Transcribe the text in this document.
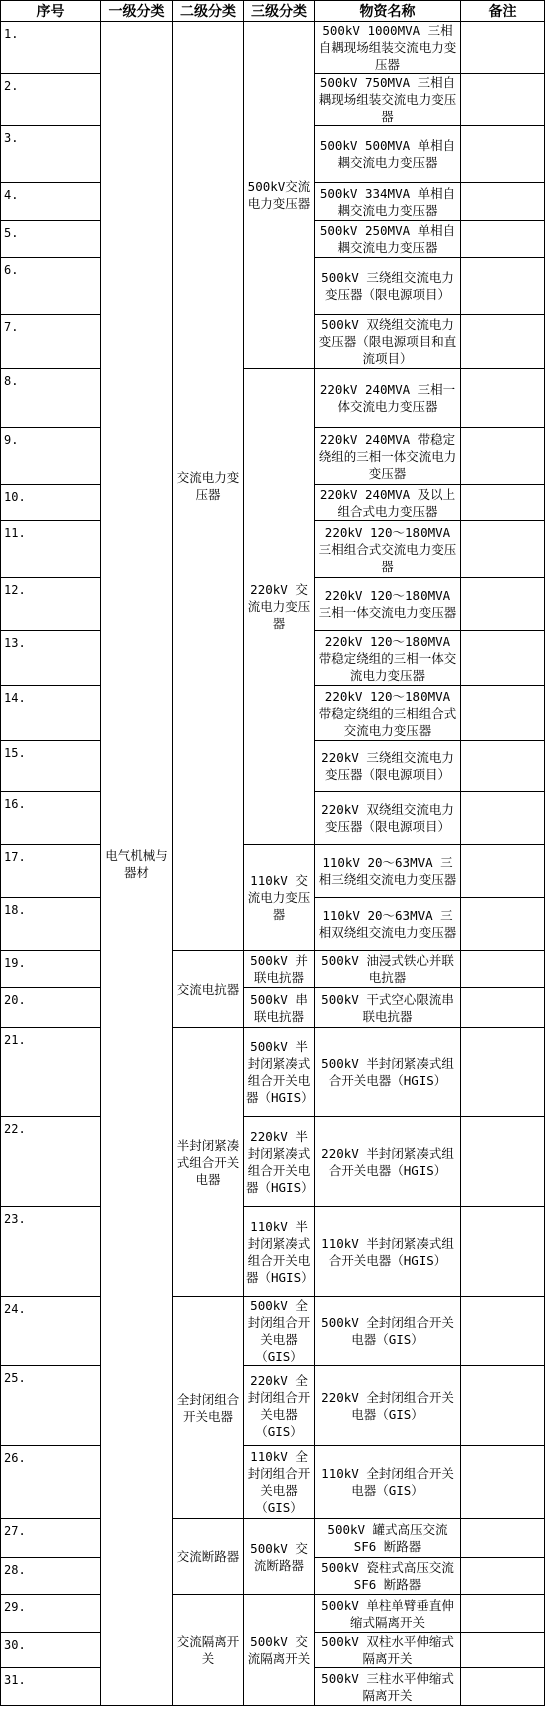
序号	一级分类	二级分类	三级分类	物资名称	备注
1.	电气机械与器材	交流电力变压器	500kV交流电力变压器	500kV 1000MVA 三相自耦现场组装交流电力变压器	
2.				500kV 750MVA 三相自耦现场组装交流电力变压器	
3.				500kV 500MVA 单相自耦交流电力变压器	
4.				500kV 334MVA 单相自耦交流电力变压器	
5.				500kV 250MVA 单相自耦交流电力变压器	
6.				500kV 三绕组交流电力变压器（限电源项目）	
7.				500kV 双绕组交流电力变压器（限电源项目和直流项目）	
8.			220kV 交流电力变压器	220kV 240MVA 三相一体交流电力变压器	
9.				220kV 240MVA 带稳定绕组的三相一体交流电力变压器	
10.				220kV 240MVA 及以上组合式电力变压器	
11.				220kV 120～180MVA 三相组合式交流电力变压器	
12.				220kV 120～180MVA 三相一体交流电力变压器	
13.				220kV 120～180MVA 带稳定绕组的三相一体交流电力变压器	
14.				220kV 120～180MVA 带稳定绕组的三相组合式交流电力变压器	
15.				220kV 三绕组交流电力变压器（限电源项目）	
16.				220kV 双绕组交流电力变压器（限电源项目）	
17.			110kV 交流电力变压器	110kV 20～63MVA 三相三绕组交流电力变压器	
18.				110kV 20～63MVA 三相双绕组交流电力变压器	
19.		交流电抗器	500kV 并联电抗器	500kV 油浸式铁心并联电抗器	
20.			500kV 串联电抗器	500kV 干式空心限流串联电抗器	
21.		半封闭紧凑式组合开关电器	500kV 半封闭紧凑式组合开关电器（HGIS）	500kV 半封闭紧凑式组合开关电器（HGIS）	
22.			220kV 半封闭紧凑式组合开关电器（HGIS）	220kV 半封闭紧凑式组合开关电器（HGIS）	
23.			110kV 半封闭紧凑式组合开关电器（HGIS）	110kV 半封闭紧凑式组合开关电器（HGIS）	
24.		全封闭组合开关电器	500kV 全封闭组合开关电器（GIS）	500kV 全封闭组合开关电器（GIS）	
25.			220kV 全封闭组合开关电器（GIS）	220kV 全封闭组合开关电器（GIS）	
26.			110kV 全封闭组合开关电器（GIS）	110kV 全封闭组合开关电器（GIS）	
27.		交流断路器	500kV 交流断路器	500kV 罐式高压交流SF6 断路器	
28.				500kV 瓷柱式高压交流 SF6 断路器	
29.		交流隔离开关	500kV 交流隔离开关	500kV 单柱单臂垂直伸缩式隔离开关	
30.				500kV 双柱水平伸缩式隔离开关	
31.				500kV 三柱水平伸缩式隔离开关	
